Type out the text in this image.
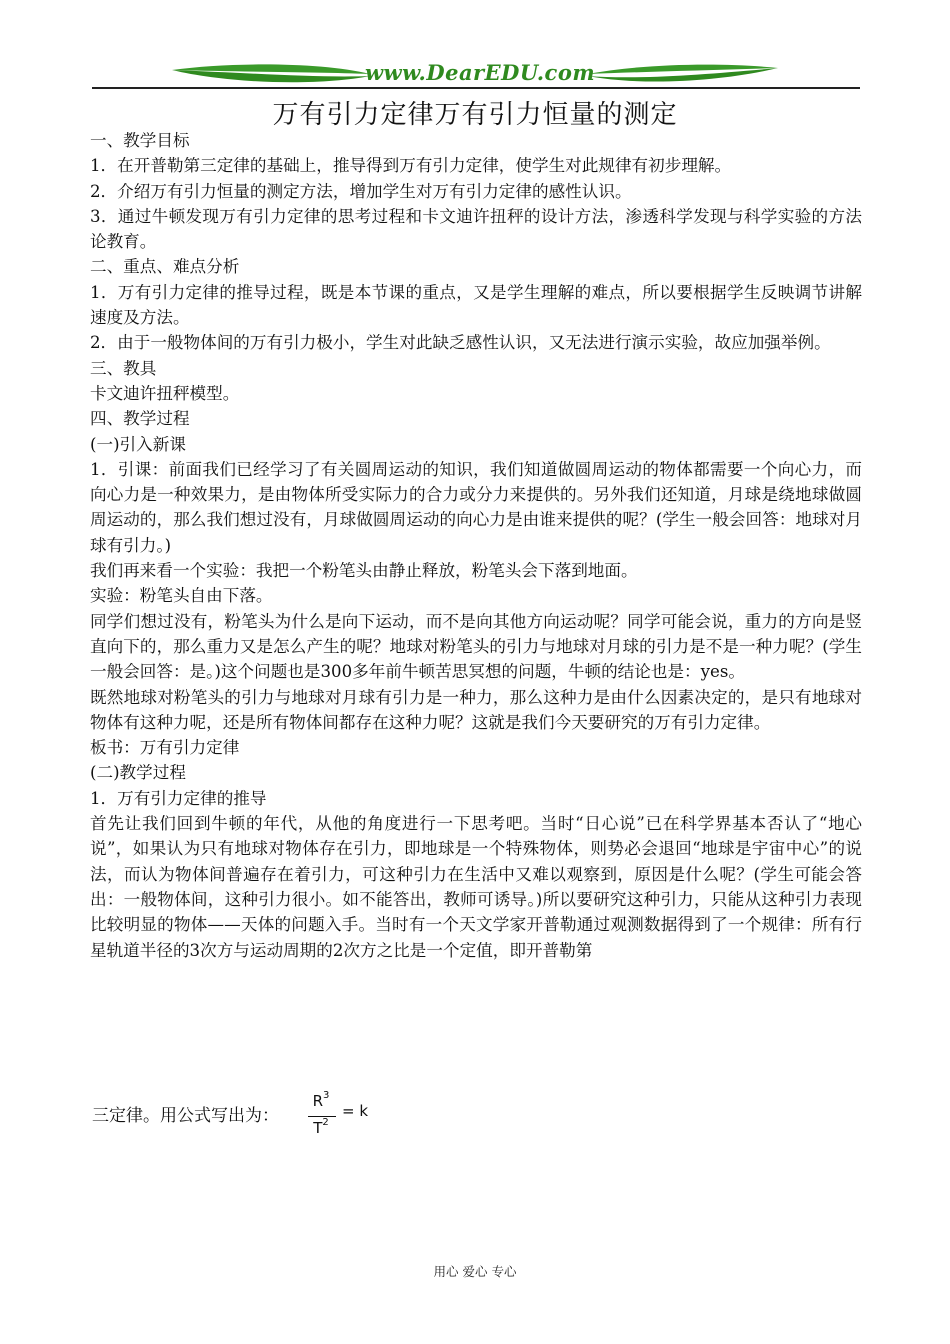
www.DearEDU.com
万有引力定律万有引力恒量的测定

一、教学目标

1．在开普勒第三定律的基础上，推导得到万有引力定律，使学生对此规律有初步理解。

2．介绍万有引力恒量的测定方法，增加学生对万有引力定律的感性认识。

3．通过牛顿发现万有引力定律的思考过程和卡文迪许扭秤的设计方法，渗透科学发现与科学实验的方法论教育。

二、重点、难点分析

1．万有引力定律的推导过程，既是本节课的重点，又是学生理解的难点，所以要根据学生反映调节讲解速度及方法。

2．由于一般物体间的万有引力极小，学生对此缺乏感性认识，又无法进行演示实验，故应加强举例。

三、教具

卡文迪许扭秤模型。

四、教学过程

(一)引入新课

1．引课：前面我们已经学习了有关圆周运动的知识，我们知道做圆周运动的物体都需要一个向心力，而向心力是一种效果力，是由物体所受实际力的合力或分力来提供的。另外我们还知道，月球是绕地球做圆周运动的，那么我们想过没有，月球做圆周运动的向心力是由谁来提供的呢？(学生一般会回答：地球对月球有引力。)

我们再来看一个实验：我把一个粉笔头由静止释放，粉笔头会下落到地面。

实验：粉笔头自由下落。

同学们想过没有，粉笔头为什么是向下运动，而不是向其他方向运动呢？同学可能会说，重力的方向是竖直向下的，那么重力又是怎么产生的呢？地球对粉笔头的引力与地球对月球的引力是不是一种力呢？(学生一般会回答：是。)这个问题也是300多年前牛顿苦思冥想的问题，牛顿的结论也是：yes。

既然地球对粉笔头的引力与地球对月球有引力是一种力，那么这种力是由什么因素决定的，是只有地球对物体有这种力呢，还是所有物体间都存在这种力呢？这就是我们今天要研究的万有引力定律。

板书：万有引力定律

(二)教学过程

1．万有引力定律的推导

首先让我们回到牛顿的年代，从他的角度进行一下思考吧。当时“日心说”已在科学界基本否认了“地心说”，如果认为只有地球对物体存在引力，即地球是一个特殊物体，则势必会退回“地球是宇宙中心”的说法，而认为物体间普遍存在着引力，可这种引力在生活中又难以观察到，原因是什么呢？(学生可能会答出：一般物体间，这种引力很小。如不能答出，教师可诱导。)所以要研究这种引力，只能从这种引力表现比较明显的物体——天体的问题入手。当时有一个天文学家开普勒通过观测数据得到了一个规律：所有行星轨道半径的3次方与运动周期的2次方之比是一个定值，即开普勒第

三定律。用公式写出为：
$R^3$
$T^2$
= k
用心 爱心 专心
